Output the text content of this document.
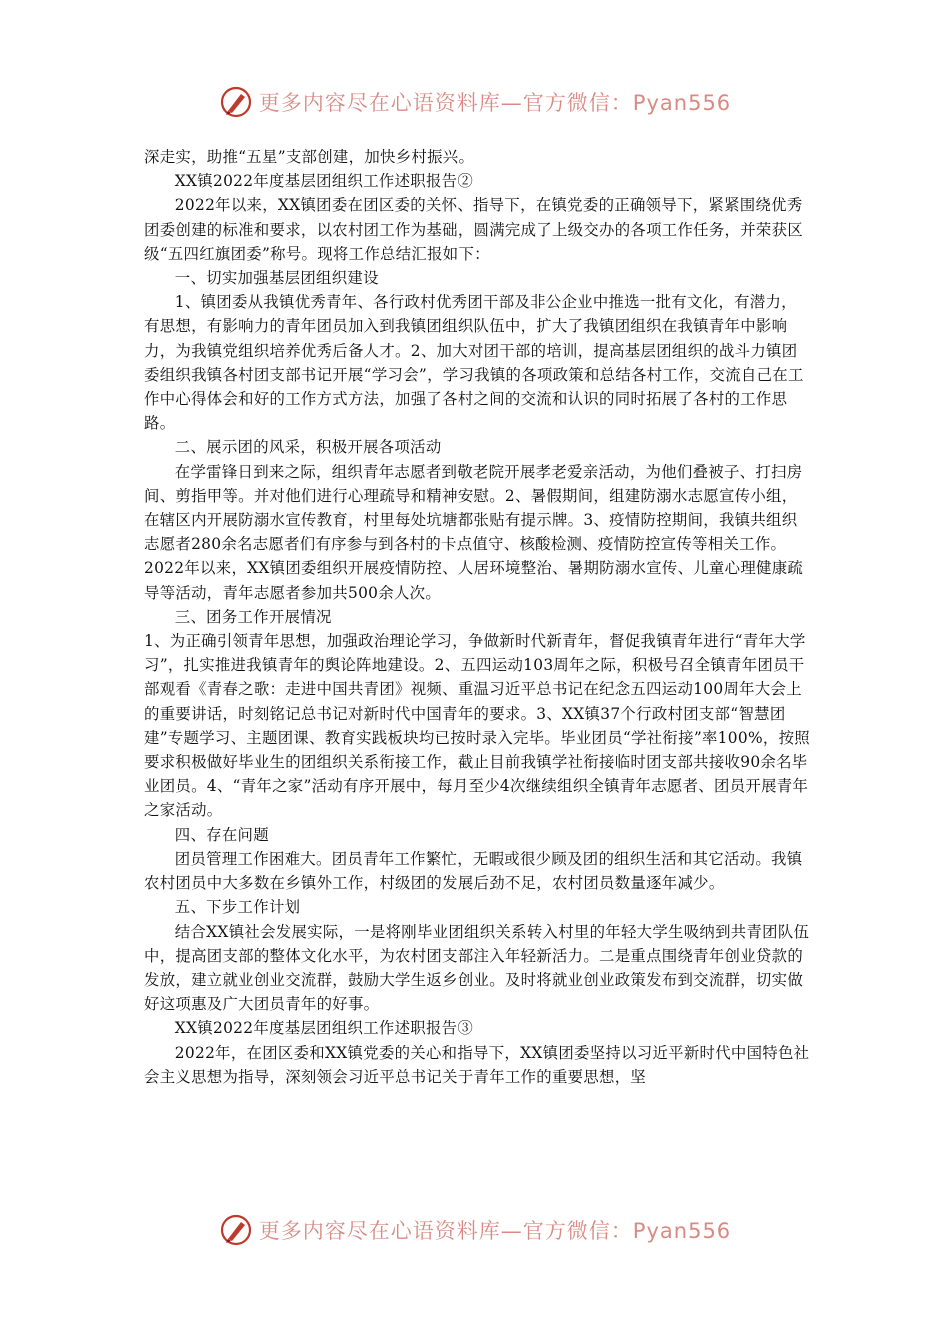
更多内容尽在心语资料库—官方微信：Pyan556

深走实，助推“五星”支部创建，加快乡村振兴。

XX镇2022年度基层团组织工作述职报告②

2022年以来，XX镇团委在团区委的关怀、指导下，在镇党委的正确领导下，紧紧围绕优秀团委创建的标准和要求，以农村团工作为基础，圆满完成了上级交办的各项工作任务，并荣获区级“五四红旗团委”称号。现将工作总结汇报如下：

一、切实加强基层团组织建设

1、镇团委从我镇优秀青年、各行政村优秀团干部及非公企业中推选一批有文化，有潜力，有思想，有影响力的青年团员加入到我镇团组织队伍中，扩大了我镇团组织在我镇青年中影响力，为我镇党组织培养优秀后备人才。2、加大对团干部的培训，提高基层团组织的战斗力镇团委组织我镇各村团支部书记开展“学习会”，学习我镇的各项政策和总结各村工作，交流自己在工作中心得体会和好的工作方式方法，加强了各村之间的交流和认识的同时拓展了各村的工作思路。

二、展示团的风采，积极开展各项活动

在学雷锋日到来之际，组织青年志愿者到敬老院开展孝老爱亲活动，为他们叠被子、打扫房间、剪指甲等。并对他们进行心理疏导和精神安慰。2、暑假期间，组建防溺水志愿宣传小组，在辖区内开展防溺水宣传教育，村里每处坑塘都张贴有提示牌。3、疫情防控期间，我镇共组织志愿者280余名志愿者们有序参与到各村的卡点值守、核酸检测、疫情防控宣传等相关工作。2022年以来，XX镇团委组织开展疫情防控、人居环境整治、暑期防溺水宣传、儿童心理健康疏导等活动，青年志愿者参加共500余人次。

三、团务工作开展情况

1、为正确引领青年思想，加强政治理论学习，争做新时代新青年，督促我镇青年进行“青年大学习”，扎实推进我镇青年的舆论阵地建设。2、五四运动103周年之际，积极号召全镇青年团员干部观看《青春之歌：走进中国共青团》视频、重温习近平总书记在纪念五四运动100周年大会上的重要讲话，时刻铭记总书记对新时代中国青年的要求。3、XX镇37个行政村团支部“智慧团建”专题学习、主题团课、教育实践板块均已按时录入完毕。毕业团员“学社衔接”率100%，按照要求积极做好毕业生的团组织关系衔接工作，截止目前我镇学社衔接临时团支部共接收90余名毕业团员。4、“青年之家”活动有序开展中，每月至少4次继续组织全镇青年志愿者、团员开展青年之家活动。

四、存在问题

团员管理工作困难大。团员青年工作繁忙，无暇或很少顾及团的组织生活和其它活动。我镇农村团员中大多数在乡镇外工作，村级团的发展后劲不足，农村团员数量逐年减少。

五、下步工作计划

结合XX镇社会发展实际，一是将刚毕业团组织关系转入村里的年轻大学生吸纳到共青团队伍中，提高团支部的整体文化水平，为农村团支部注入年轻新活力。二是重点围绕青年创业贷款的发放，建立就业创业交流群，鼓励大学生返乡创业。及时将就业创业政策发布到交流群，切实做好这项惠及广大团员青年的好事。

XX镇2022年度基层团组织工作述职报告③

2022年，在团区委和XX镇党委的关心和指导下，XX镇团委坚持以习近平新时代中国特色社会主义思想为指导，深刻领会习近平总书记关于青年工作的重要思想，坚

更多内容尽在心语资料库—官方微信：Pyan556
